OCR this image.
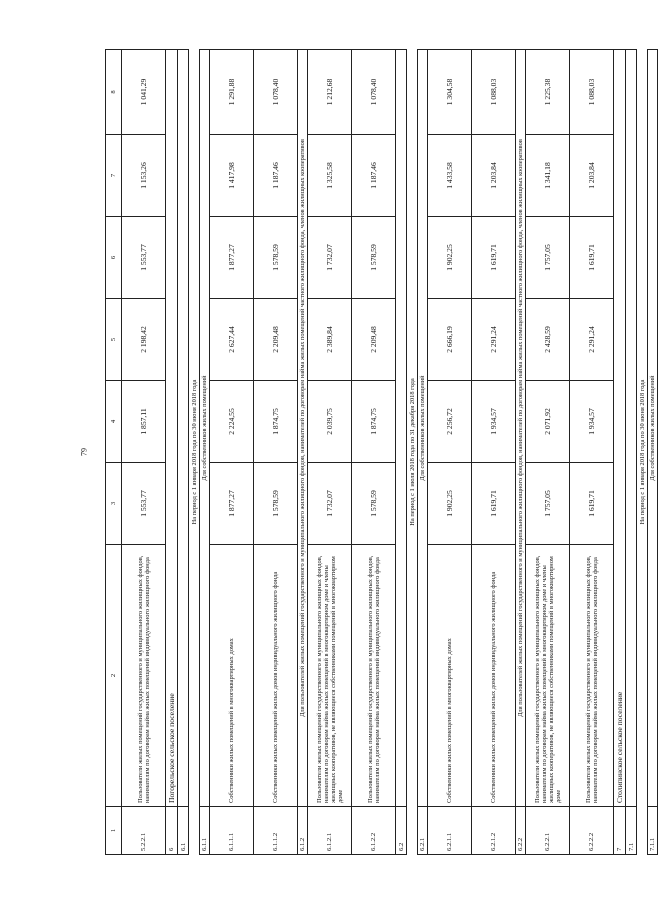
79
1	2	3	4	5	6	7	8
5.2.2.1	Пользователи жилых помещений государственного и муниципального жилищных фондов, нанимателям по договорам найма жилых помещений индивидуального жилищного фонда	1 553,77	1 857,11	2 198,42	1 553,77	1 153,26	1 041,29
6	Погорельское сельское поселение						
6.1							
На период с 1 января 2018 года по 30 июня 2018 года							
6.1.1	Для собственников жилых помещений						
6.1.1.1	Собственники жилых помещений в многоквартирных домах	1 877,27	2 224,55	2 627,44	1 877,27	1 417,98	1 291,88
6.1.1.2	Собственники жилых помещений жилых домов индивидуального жилищного фонда	1 578,59	1 874,75	2 209,48	1 578,59	1 187,46	1 078,40
6.1.2	Для пользователей жилых помещений государственного и муниципального жилищного фондов, нанимателей по договорам найма жилых помещений частного жилищного фонда, членов жилищных кооперативов						
6.1.2.1	Пользователи жилых помещений государственного и муниципального жилищных фондов, нанимателям по договорам найма жилых помещений в многоквартирном доме и члены жилищных кооперативов, не являющиеся собственниками помещений в многоквартирном доме	1 732,07	2 039,75	2 389,84	1 732,07	1 325,58	1 212,68
6.1.2.2	Пользователи жилых помещений государственного и муниципального жилищных фондов, нанимателям по договорам найма жилых помещений индивидуального жилищного фонда	1 578,59	1 874,75	2 209,48	1 578,59	1 187,46	1 078,40
6.2							
На период с 1 июля 2018 года по 31 декабря 2018 года							
6.2.1	Для собственников жилых помещений						
6.2.1.1	Собственники жилых помещений в многоквартирных домах	1 902,25	2 256,72	2 666,19	1 902,25	1 433,58	1 304,58
6.2.1.2	Собственники жилых помещений жилых домов индивидуального жилищного фонда	1 619,71	1 934,57	2 291,24	1 619,71	1 203,84	1 088,03
6.2.2	Для пользователей жилых помещений государственного и муниципального жилищного фондов, нанимателей по договорам найма жилых помещений частного жилищного фонда, членов жилищных кооперативов						
6.2.2.1	Пользователи жилых помещений государственного и муниципального жилищных фондов, нанимателям по договорам найма жилых помещений в многоквартирном доме и члены жилищных кооперативов, не являющиеся собственниками помещений в многоквартирном доме	1 757,05	2 071,92	2 428,59	1 757,05	1 341,18	1 225,38
6.2.2.2	Пользователи жилых помещений государственного и муниципального жилищных фондов, нанимателям по договорам найма жилых помещений индивидуального жилищного фонда	1 619,71	1 934,57	2 291,24	1 619,71	1 203,84	1 088,03
7	Столипинское сельское поселение						
7.1							
На период с 1 января 2018 года по 30 июня 2018 года							
7.1.1	Для собственников жилых помещений						
